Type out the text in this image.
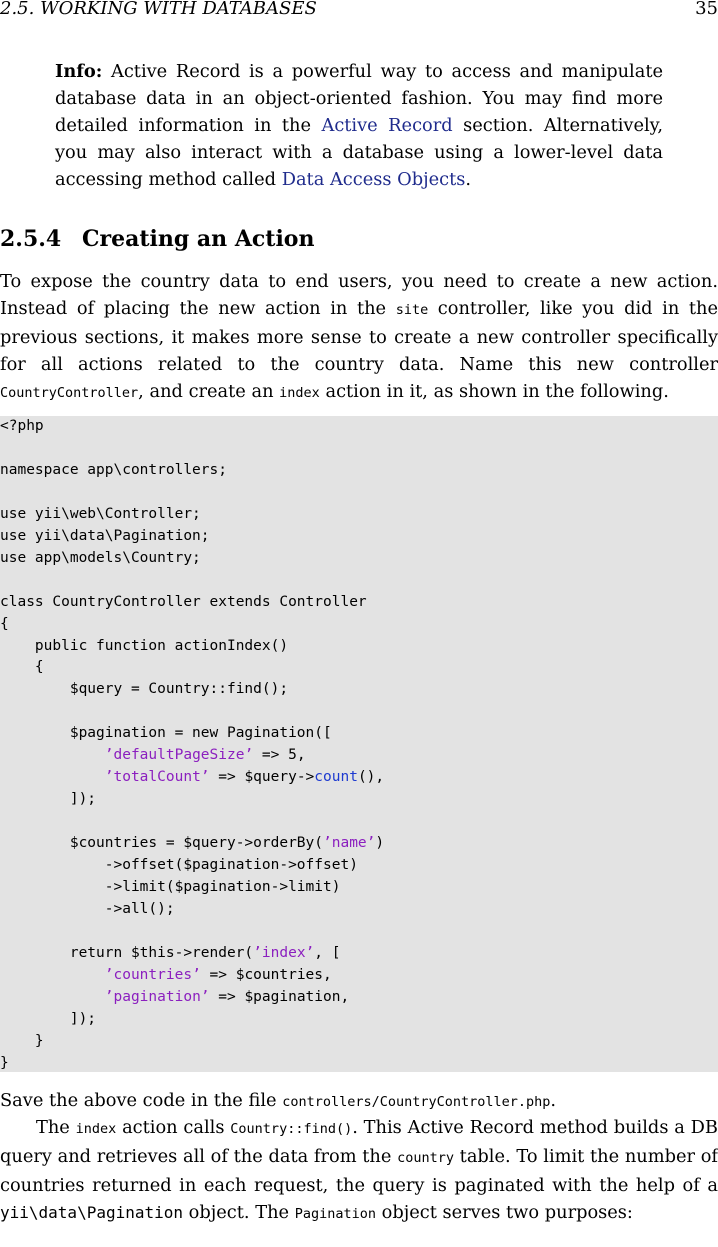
2.5. WORKING WITH DATABASES	35
Info: Active Record is a powerful way to access and manipulate database data in an object-oriented fashion. You may find more detailed information in the Active Record section. Alternatively, you may also interact with a database using a lower-level data accessing method called Data Access Objects.
2.5.4 Creating an Action
To expose the country data to end users, you need to create a new action. Instead of placing the new action in the site controller, like you did in the previous sections, it makes more sense to create a new controller specifically for all actions related to the country data. Name this new controller CountryController, and create an index action in it, as shown in the following.
<?php

namespace app\controllers;

use yii\web\Controller;
use yii\data\Pagination;
use app\models\Country;

class CountryController extends Controller
{
public function actionIndex()
{
$query = Country::find();

$pagination = new Pagination([
’defaultPageSize’ => 5,
’totalCount’ => $query->count(),
]);

$countries = $query->orderBy(’name’)
->offset($pagination->offset)
->limit($pagination->limit)
->all();

return $this->render(’index’, [
’countries’ => $countries,
’pagination’ => $pagination,
]);
}
}
Save the above code in the file controllers/CountryController.php.
The index action calls Country::find(). This Active Record method builds a DB query and retrieves all of the data from the country table. To limit the number of countries returned in each request, the query is paginated with the help of a yii\data\Pagination object. The Pagination object serves two purposes:
